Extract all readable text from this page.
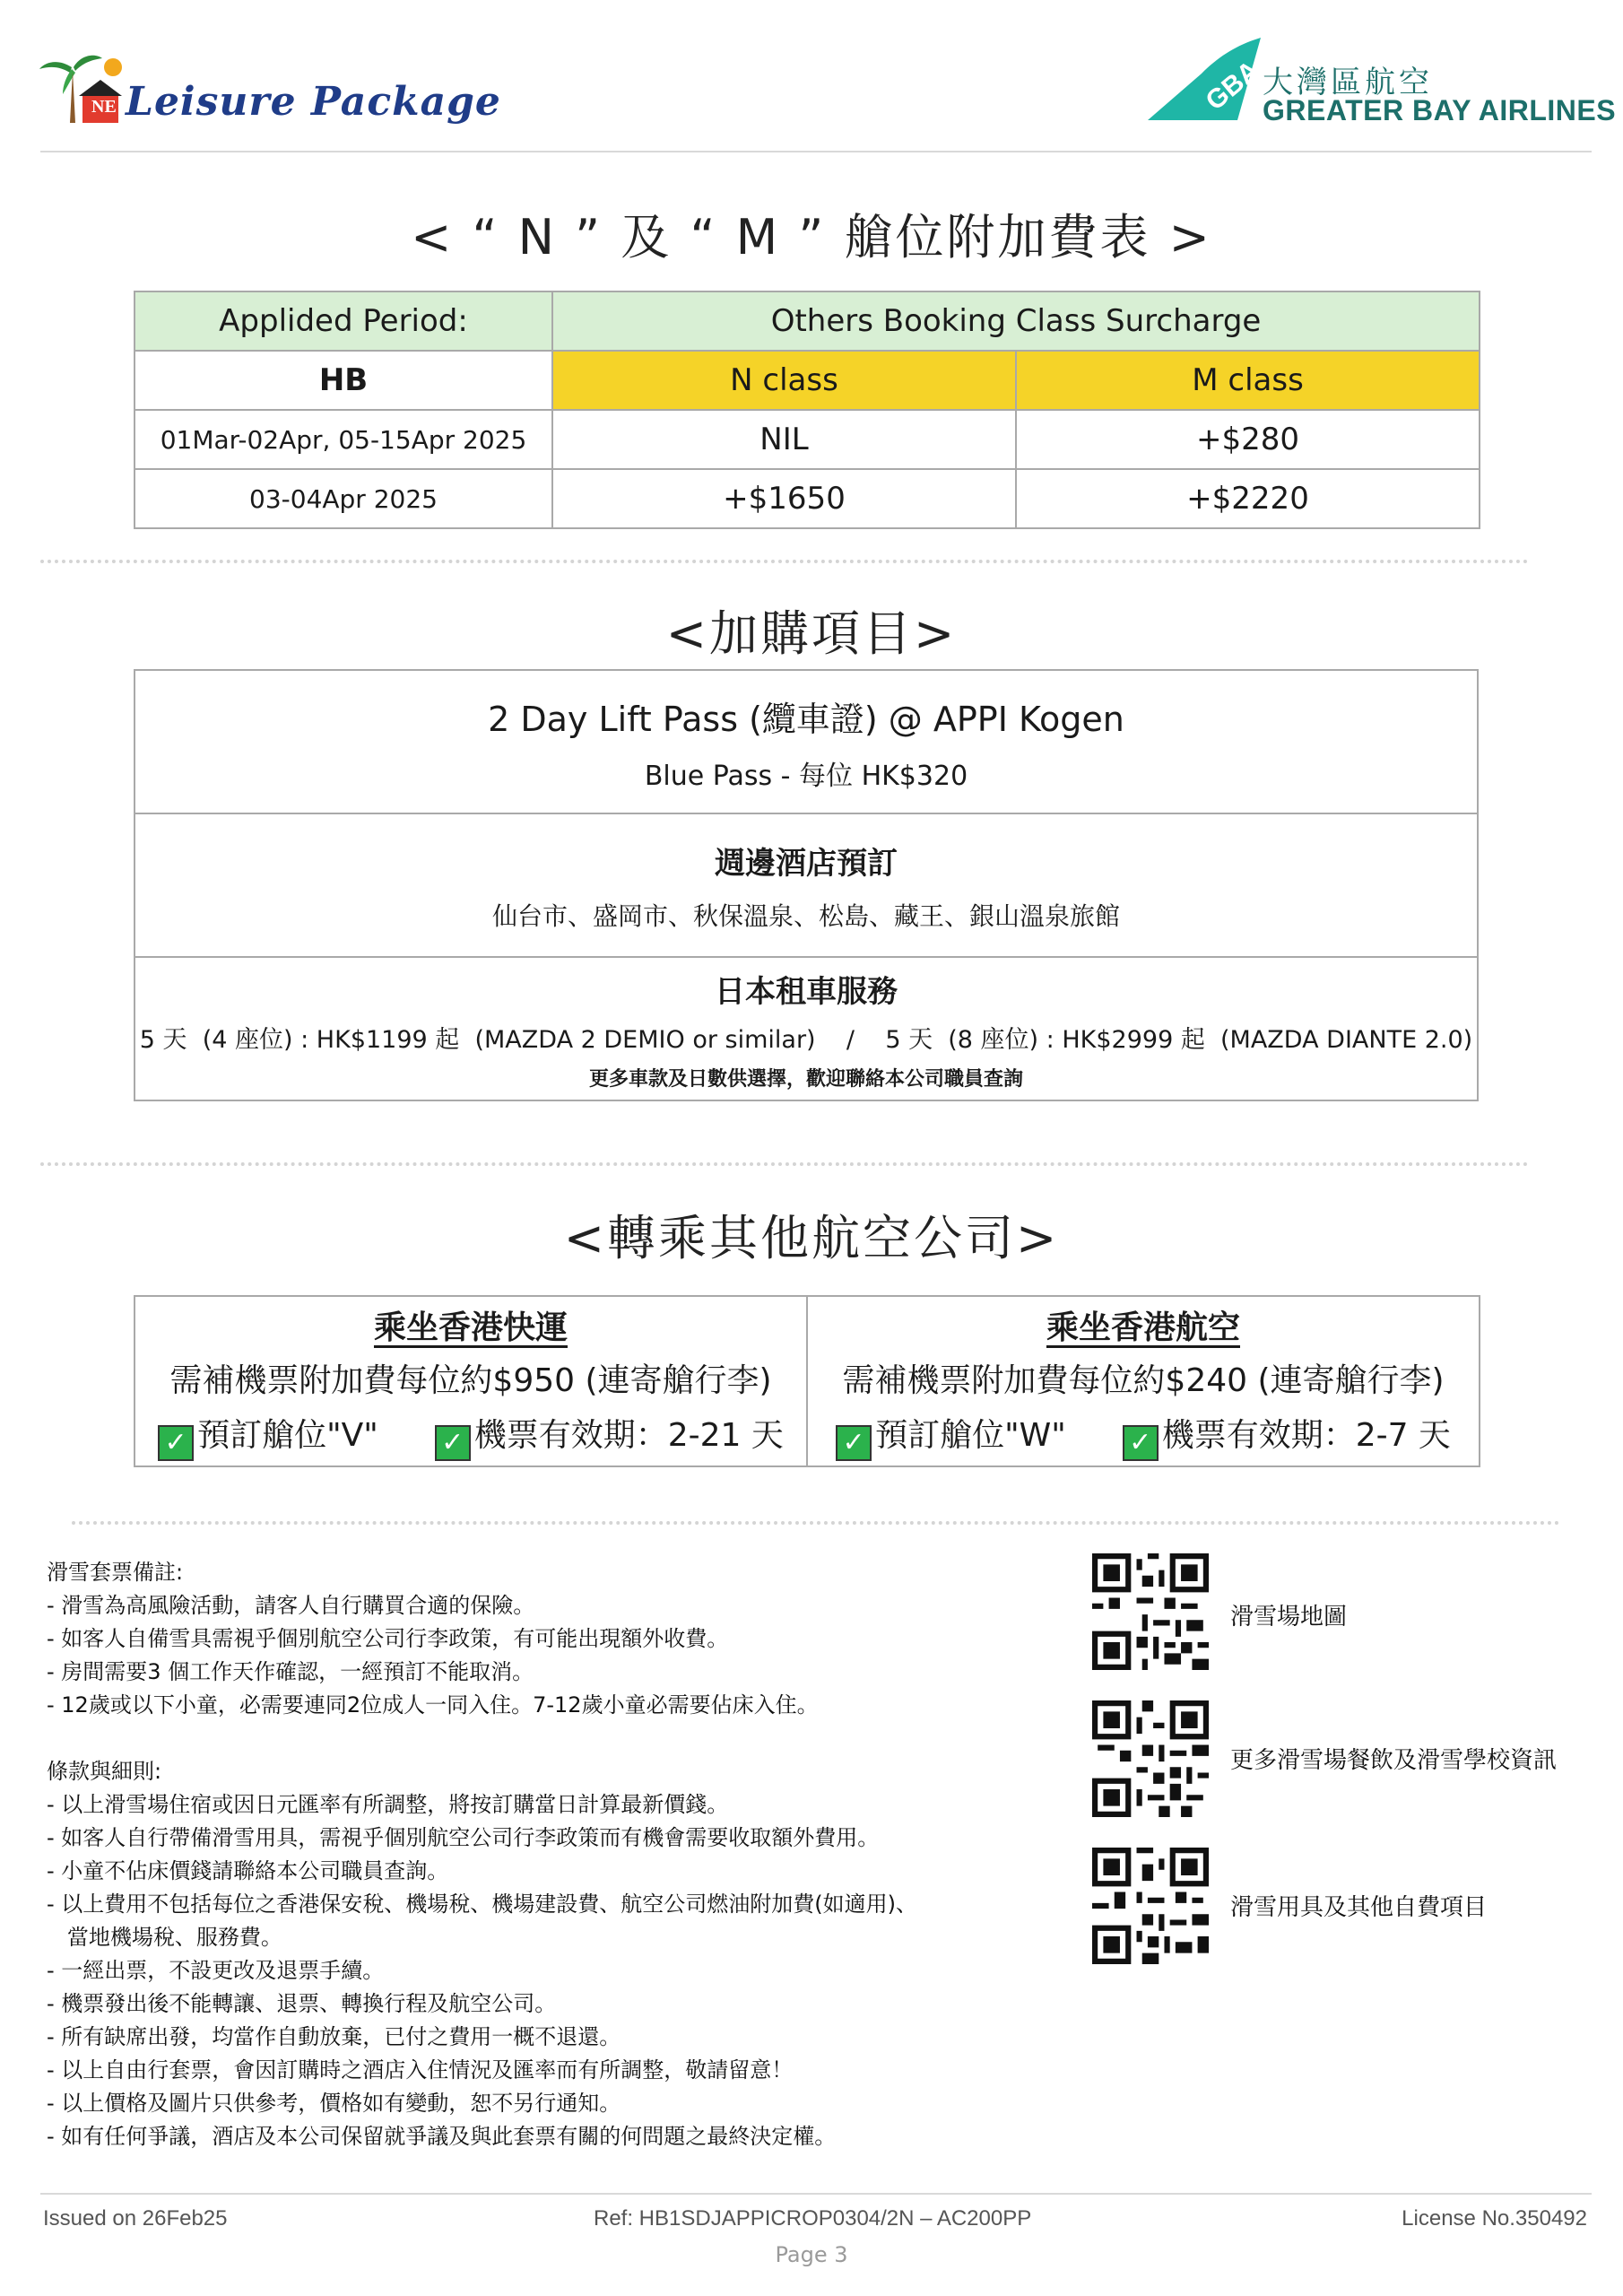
NE Leisure Package	GBA
大灣區航空
GREATER BAY AIRLINES
< “ N ” 及 “ M ” 艙位附加費表 >
Applided Period:	Others Booking Class Surcharge	
HB	N class	M class
01Mar-02Apr, 05-15Apr 2025	NIL	+$280
03-04Apr 2025	+$1650	+$2220
<加購項目>
2 Day Lift Pass (纜車證) @ APPI Kogen
Blue Pass - 每位 HK$320

週邊酒店預訂
仙台市、盛岡市、秋保溫泉、松島、藏王、銀山溫泉旅館

日本租車服務
5 天  (4 座位) : HK$1199 起  (MAZDA 2 DEMIO or similar)    /    5 天  (8 座位) : HK$2999 起  (MAZDA DIANTE 2.0)
更多車款及日數供選擇，歡迎聯絡本公司職員查詢
<轉乘其他航空公司>
乘坐香港快運
需補機票附加費每位約$950 (連寄艙行李)
✓ 預訂艙位"V" ✓ 機票有效期：2-21 天

乘坐香港航空
需補機票附加費每位約$240 (連寄艙行李)
✓ 預訂艙位"W" ✓ 機票有效期：2-7 天
滑雪套票備註:
- 滑雪為高風險活動，請客人自行購買合適的保險。
- 如客人自備雪具需視乎個別航空公司行李政策，有可能出現額外收費。
- 房間需要3 個工作天作確認，一經預訂不能取消。
- 12歲或以下小童，必需要連同2位成人一同入住。7-12歲小童必需要佔床入住。
條款與細則:
- 以上滑雪場住宿或因日元匯率有所調整，將按訂購當日計算最新價錢。
- 如客人自行帶備滑雪用具，需視乎個別航空公司行李政策而有機會需要收取額外費用。
- 小童不佔床價錢請聯絡本公司職員查詢。
- 以上費用不包括每位之香港保安稅、機場稅、機場建設費、航空公司燃油附加費(如適用)、
當地機場稅、服務費。
- 一經出票，不設更改及退票手續。
- 機票發出後不能轉讓、退票、轉換行程及航空公司。
- 所有缺席出發，均當作自動放棄，已付之費用一概不退還。
- 以上自由行套票，會因訂購時之酒店入住情況及匯率而有所調整，敬請留意！
- 以上價格及圖片只供參考，價格如有變動，恕不另行通知。
- 如有任何爭議，酒店及本公司保留就爭議及與此套票有關的何問題之最終決定權。
滑雪場地圖
更多滑雪場餐飲及滑雪學校資訊
滑雪用具及其他自費項目
Issued on 26Feb25	Ref: HB1SDJAPPICROP0304/2N – AC200PP	License No.350492
Page 3
